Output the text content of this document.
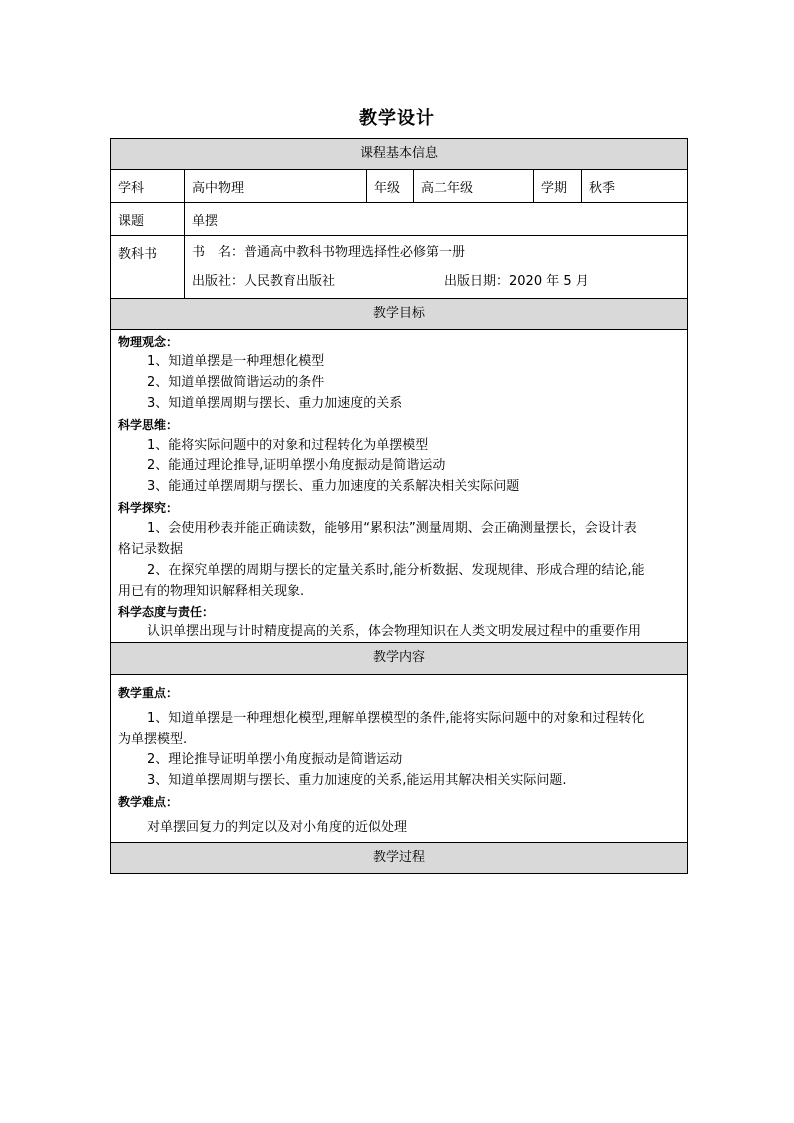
教学设计
课程基本信息
学科	高中物理	年级	高二年级	学期	秋季
课题	单摆
教科书	书　名：普通高中教科书物理选择性必修第一册
出版社：人民教育出版社	出版日期：2020 年 5 月
教学目标
物理观念：
1、知道单摆是一种理想化模型
2、知道单摆做简谐运动的条件
3、知道单摆周期与摆长、重力加速度的关系
科学思维：
1、能将实际问题中的对象和过程转化为单摆模型
2、能通过理论推导,证明单摆小角度振动是简谐运动
3、能通过单摆周期与摆长、重力加速度的关系解决相关实际问题
科学探究：
1、会使用秒表并能正确读数，能够用“累积法”测量周期、会正确测量摆长，会设计表
格记录数据
2、在探究单摆的周期与摆长的定量关系时,能分析数据、发现规律、形成合理的结论,能
用已有的物理知识解释相关现象.
科学态度与责任：
认识单摆出现与计时精度提高的关系，体会物理知识在人类文明发展过程中的重要作用
教学内容
教学重点：
1、知道单摆是一种理想化模型,理解单摆模型的条件,能将实际问题中的对象和过程转化
为单摆模型.
2、理论推导证明单摆小角度振动是简谐运动
3、知道单摆周期与摆长、重力加速度的关系,能运用其解决相关实际问题.
教学难点：
对单摆回复力的判定以及对小角度的近似处理
教学过程
